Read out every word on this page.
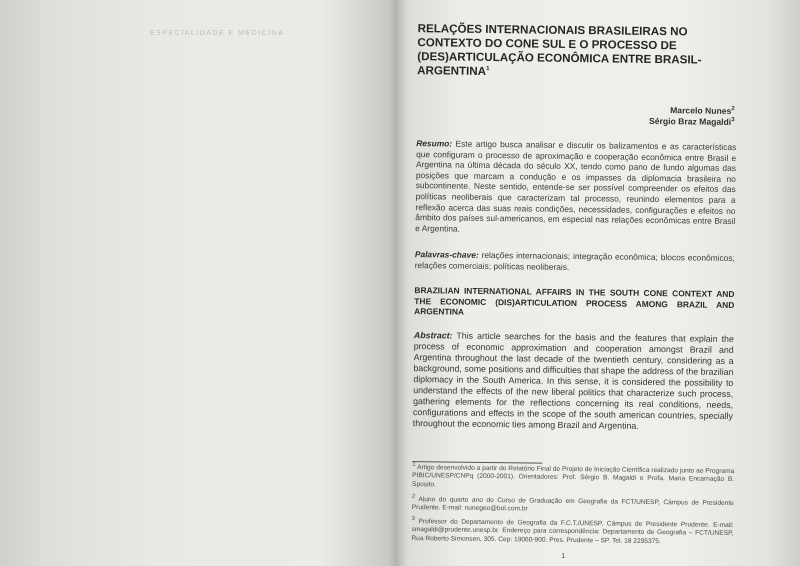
ESPECIALIDADE E MEDICINA	RELAÇÕES INTERNACIONAIS BRASILEIRAS NO CONTEXTO DO CONE SUL E O PROCESSO DE (DES)ARTICULAÇÃO ECONÔMICA ENTRE BRASIL-ARGENTINA$^1$
Marcelo Nunes$^2$
Sérgio Braz Magaldi$^3$

Resumo: Este artigo busca analisar e discutir os balizamentos e as características que configuram o processo de aproximação e cooperação econômica entre Brasil e Argentina na última década do século XX, tendo como pano de fundo algumas das posições que marcam a condução e os impasses da diplomacia brasileira no subcontinente. Neste sentido, entende-se ser possível compreender os efeitos das políticas neoliberais que caracterizam tal processo, reunindo elementos para a reflexão acerca das suas reais condições, necessidades, configurações e efeitos no âmbito dos países sul-americanos, em especial nas relações econômicas entre Brasil e Argentina.

Palavras-chave: relações internacionais; integração econômica; blocos econômicos; relações comerciais; políticas neoliberais.

BRAZILIAN INTERNATIONAL AFFAIRS IN THE SOUTH CONE CONTEXT AND THE ECONOMIC (DIS)ARTICULATION PROCESS AMONG BRAZIL AND ARGENTINA

Abstract: This article searches for the basis and the features that explain the process of economic approximation and cooperation amongst Brazil and Argentina throughout the last decade of the twentieth century, considering as a background, some positions and difficulties that shape the address of the brazilian diplomacy in the South America. In this sense, it is considered the possibility to understand the effects of the new liberal politics that characterize such process, gathering elements for the reflections concerning its real conditions, needs, configurations and effects in the scope of the south american countries, specially throughout the economic ties among Brazil and Argentina.

$^1$ Artigo desenvolvido a partir do Relatório Final de Projeto de Iniciação Científica realizado junto ao Programa PIBIC/UNESP/CNPq (2000-2001). Orientadores: Prof. Sérgio B. Magaldi e Profa. Maria Encarnação B. Sposito.

$^2$ Aluno do quarto ano do Curso de Graduação em Geografia da FCT/UNESP, Câmpus de Presidente Prudente. E-mail: nunegeo@bol.com.br

$^3$ Professor do Departamento de Geografia da F.C.T./UNESP, Câmpus de Presidente Prudente. E-mail: smagaldi@prudente.unesp.br. Endereço para correspondência: Departamento de Geografia – FCT/UNESP, Rua Roberto Simonsen, 305. Cep: 19060-900. Pres. Prudente – SP. Tel. 18 2295375.

1
